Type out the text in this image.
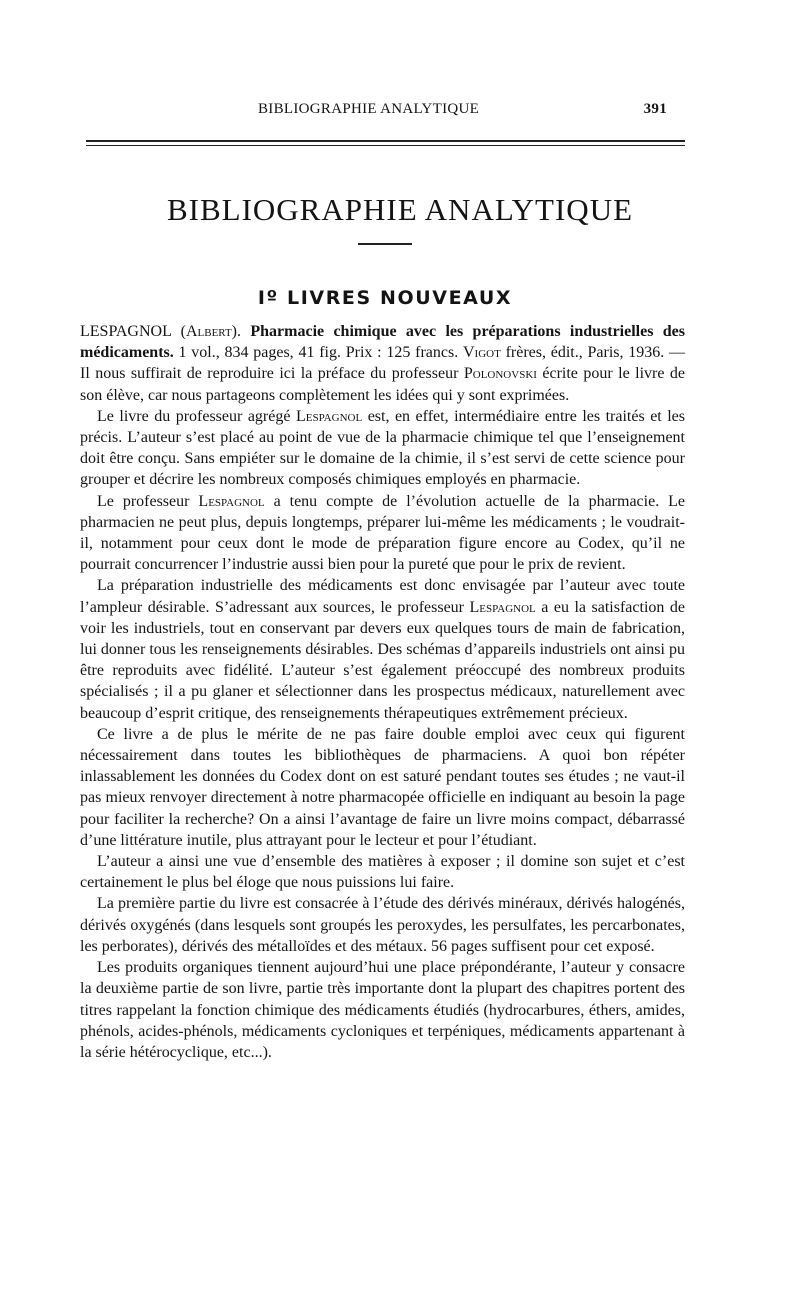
BIBLIOGRAPHIE ANALYTIQUE	391
BIBLIOGRAPHIE ANALYTIQUE
Iº LIVRES NOUVEAUX

LESPAGNOL (Albert). Pharmacie chimique avec les préparations industrielles des médicaments. 1 vol., 834 pages, 41 fig. Prix : 125 francs. Vigot frères, édit., Paris, 1936. — Il nous suffirait de reproduire ici la préface du professeur Polonovski écrite pour le livre de son élève, car nous partageons complètement les idées qui y sont exprimées.

Le livre du professeur agrégé Lespagnol est, en effet, intermédiaire entre les traités et les précis. L’auteur s’est placé au point de vue de la pharmacie chimique tel que l’enseignement doit être conçu. Sans empiéter sur le domaine de la chimie, il s’est servi de cette science pour grouper et décrire les nombreux composés chimiques employés en pharmacie.

Le professeur Lespagnol a tenu compte de l’évolution actuelle de la pharmacie. Le pharmacien ne peut plus, depuis longtemps, préparer lui-même les médicaments ; le voudrait-il, notamment pour ceux dont le mode de préparation figure encore au Codex, qu’il ne pourrait concurrencer l’industrie aussi bien pour la pureté que pour le prix de revient.

La préparation industrielle des médicaments est donc envisagée par l’auteur avec toute l’ampleur désirable. S’adressant aux sources, le professeur Lespagnol a eu la satisfaction de voir les industriels, tout en conservant par devers eux quelques tours de main de fabrication, lui donner tous les renseignements désirables. Des schémas d’appareils industriels ont ainsi pu être reproduits avec fidélité. L’auteur s’est également préoccupé des nombreux produits spécialisés ; il a pu glaner et sélectionner dans les prospectus médicaux, naturellement avec beaucoup d’esprit critique, des renseignements thérapeutiques extrêmement précieux.

Ce livre a de plus le mérite de ne pas faire double emploi avec ceux qui figurent nécessairement dans toutes les bibliothèques de pharmaciens. A quoi bon répéter inlassablement les données du Codex dont on est saturé pendant toutes ses études ; ne vaut-il pas mieux renvoyer directement à notre pharmacopée officielle en indiquant au besoin la page pour faciliter la recherche? On a ainsi l’avantage de faire un livre moins compact, débarrassé d’une littérature inutile, plus attrayant pour le lecteur et pour l’étudiant.

L’auteur a ainsi une vue d’ensemble des matières à exposer ; il domine son sujet et c’est certainement le plus bel éloge que nous puissions lui faire.

La première partie du livre est consacrée à l’étude des dérivés minéraux, dérivés halogénés, dérivés oxygénés (dans lesquels sont groupés les peroxydes, les persulfates, les percarbonates, les perborates), dérivés des métalloïdes et des métaux. 56 pages suffisent pour cet exposé.

Les produits organiques tiennent aujourd’hui une place prépondérante, l’auteur y consacre la deuxième partie de son livre, partie très importante dont la plupart des chapitres portent des titres rappelant la fonction chimique des médicaments étudiés (hydrocarbures, éthers, amides, phénols, acides-phénols, médicaments cycloniques et terpéniques, médicaments appartenant à la série hétérocyclique, etc...).
